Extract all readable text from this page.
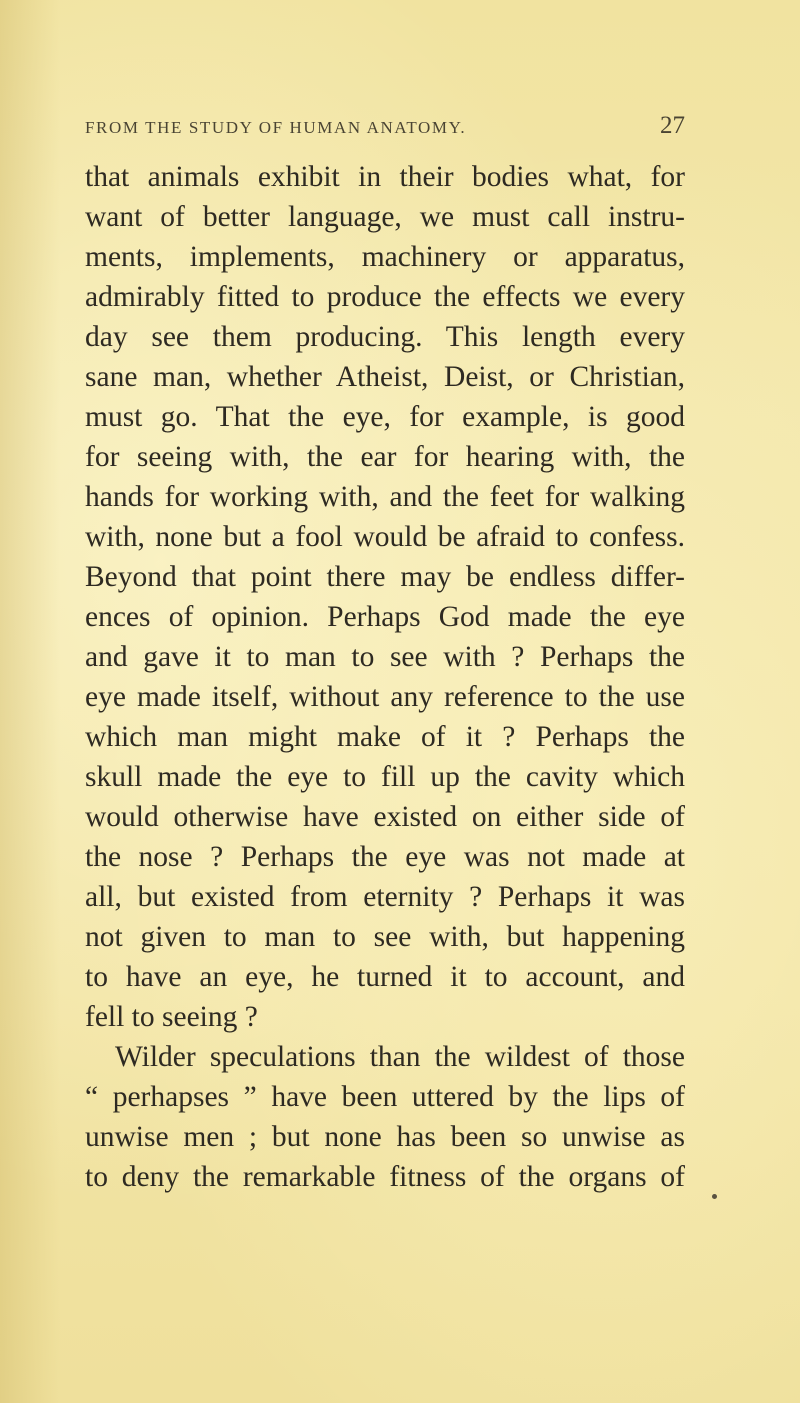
FROM THE STUDY OF HUMAN ANATOMY.	27
that animals exhibit in their bodies what, for
want of better language, we must call instru-
ments, implements, machinery or apparatus,
admirably fitted to produce the effects we every
day see them producing. This length every
sane man, whether Atheist, Deist, or Christian,
must go. That the eye, for example, is good
for seeing with, the ear for hearing with, the
hands for working with, and the feet for walking
with, none but a fool would be afraid to confess.
Beyond that point there may be endless differ-
ences of opinion. Perhaps God made the eye
and gave it to man to see with ? Perhaps the
eye made itself, without any reference to the use
which man might make of it ? Perhaps the
skull made the eye to fill up the cavity which
would otherwise have existed on either side of
the nose ? Perhaps the eye was not made at
all, but existed from eternity ? Perhaps it was
not given to man to see with, but happening
to have an eye, he turned it to account, and
fell to seeing ?
Wilder speculations than the wildest of those
“ perhapses ” have been uttered by the lips of
unwise men ; but none has been so unwise as
to deny the remarkable fitness of the organs of
